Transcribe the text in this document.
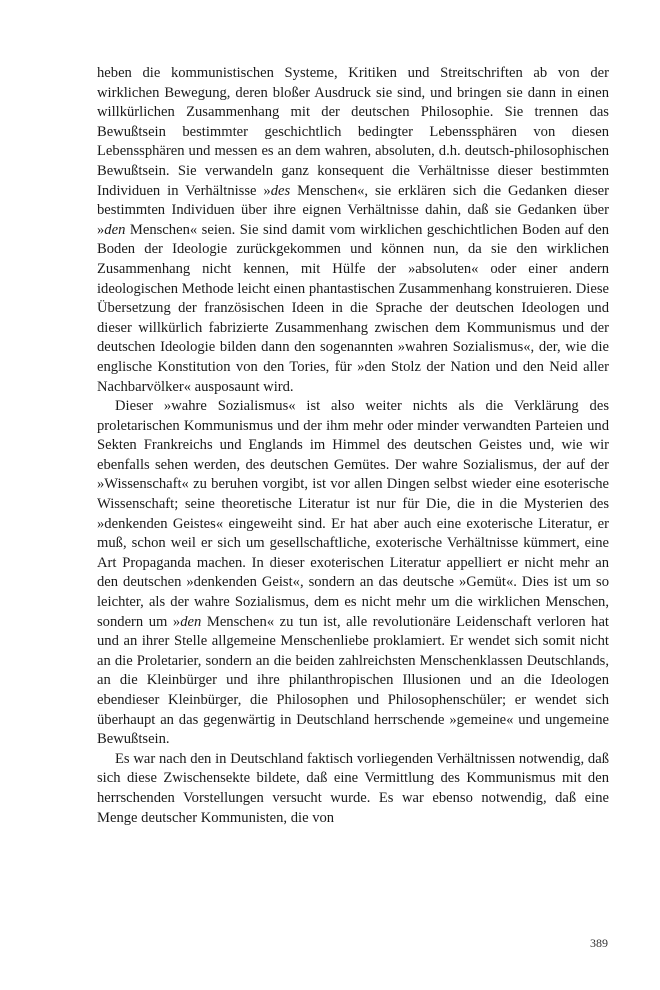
heben die kommunistischen Systeme, Kritiken und Streitschriften ab von der wirklichen Bewegung, deren bloßer Ausdruck sie sind, und bringen sie dann in einen willkürlichen Zusammenhang mit der deutschen Philosophie. Sie trennen das Bewußtsein bestimmter geschichtlich bedingter Lebenssphären von diesen Lebenssphären und messen es an dem wahren, absoluten, d.h. deutsch-philosophischen Bewußtsein. Sie verwandeln ganz konsequent die Verhältnisse dieser bestimmten Individuen in Verhältnisse »des Menschen«, sie erklären sich die Gedanken dieser bestimmten Individuen über ihre eignen Verhältnisse dahin, daß sie Gedanken über »den Menschen« seien. Sie sind damit vom wirklichen geschichtlichen Boden auf den Boden der Ideologie zurückgekommen und können nun, da sie den wirklichen Zusammenhang nicht kennen, mit Hülfe der »absoluten« oder einer andern ideologischen Methode leicht einen phantastischen Zusammenhang konstruieren. Diese Übersetzung der französischen Ideen in die Sprache der deutschen Ideologen und dieser willkürlich fabrizierte Zusammenhang zwischen dem Kommunismus und der deutschen Ideologie bilden dann den sogenannten »wahren Sozialismus«, der, wie die englische Konstitution von den Tories, für »den Stolz der Nation und den Neid aller Nachbarvölker« ausposaunt wird.

Dieser »wahre Sozialismus« ist also weiter nichts als die Verklärung des proletarischen Kommunismus und der ihm mehr oder minder verwandten Parteien und Sekten Frankreichs und Englands im Himmel des deutschen Geistes und, wie wir ebenfalls sehen werden, des deutschen Gemütes. Der wahre Sozialismus, der auf der »Wissenschaft« zu beruhen vorgibt, ist vor allen Dingen selbst wieder eine esoterische Wissenschaft; seine theoretische Literatur ist nur für Die, die in die Mysterien des »denkenden Geistes« eingeweiht sind. Er hat aber auch eine exoterische Literatur, er muß, schon weil er sich um gesellschaftliche, exoterische Verhältnisse kümmert, eine Art Propaganda machen. In dieser exoterischen Literatur appelliert er nicht mehr an den deutschen »denkenden Geist«, sondern an das deutsche »Gemüt«. Dies ist um so leichter, als der wahre Sozialismus, dem es nicht mehr um die wirklichen Menschen, sondern um »den Menschen« zu tun ist, alle revolutionäre Leidenschaft verloren hat und an ihrer Stelle allgemeine Menschenliebe proklamiert. Er wendet sich somit nicht an die Proletarier, sondern an die beiden zahlreichsten Menschenklassen Deutschlands, an die Kleinbürger und ihre philanthropischen Illusionen und an die Ideologen ebendieser Kleinbürger, die Philosophen und Philosophenschüler; er wendet sich überhaupt an das gegenwärtig in Deutschland herrschende »gemeine« und ungemeine Bewußtsein.

Es war nach den in Deutschland faktisch vorliegenden Verhältnissen notwendig, daß sich diese Zwischensekte bildete, daß eine Vermittlung des Kommunismus mit den herrschenden Vorstellungen versucht wurde. Es war ebenso notwendig, daß eine Menge deutscher Kommunisten, die von

389
